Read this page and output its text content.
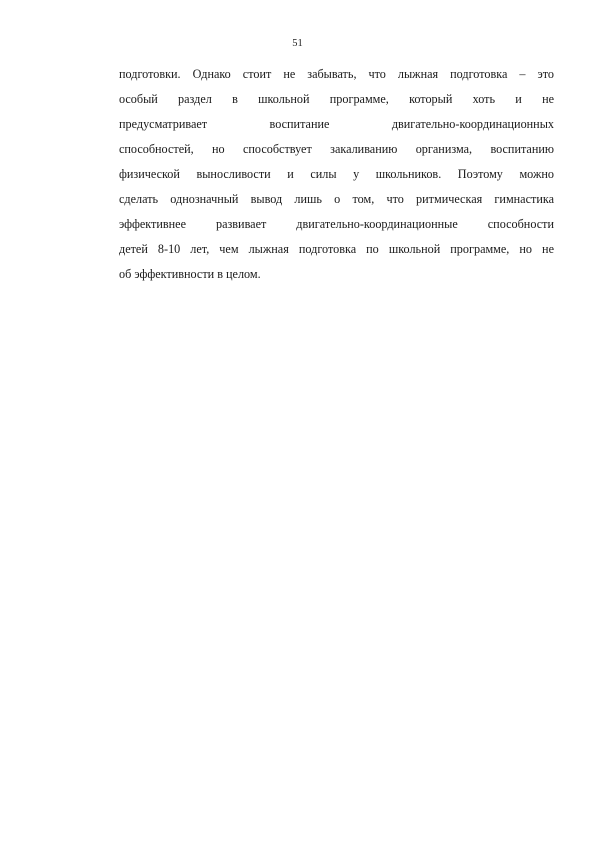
51
подготовки. Однако стоит не забывать, что лыжная подготовка – это
особый раздел в школьной программе, который хоть и не
предусматривает воспитание двигательно-координационных
способностей, но способствует закаливанию организма, воспитанию
физической выносливости и силы у школьников. Поэтому можно
сделать однозначный вывод лишь о том, что ритмическая гимнастика
эффективнее развивает двигательно-координационные способности
детей 8-10 лет, чем лыжная подготовка по школьной программе, но не
об эффективности в целом.
